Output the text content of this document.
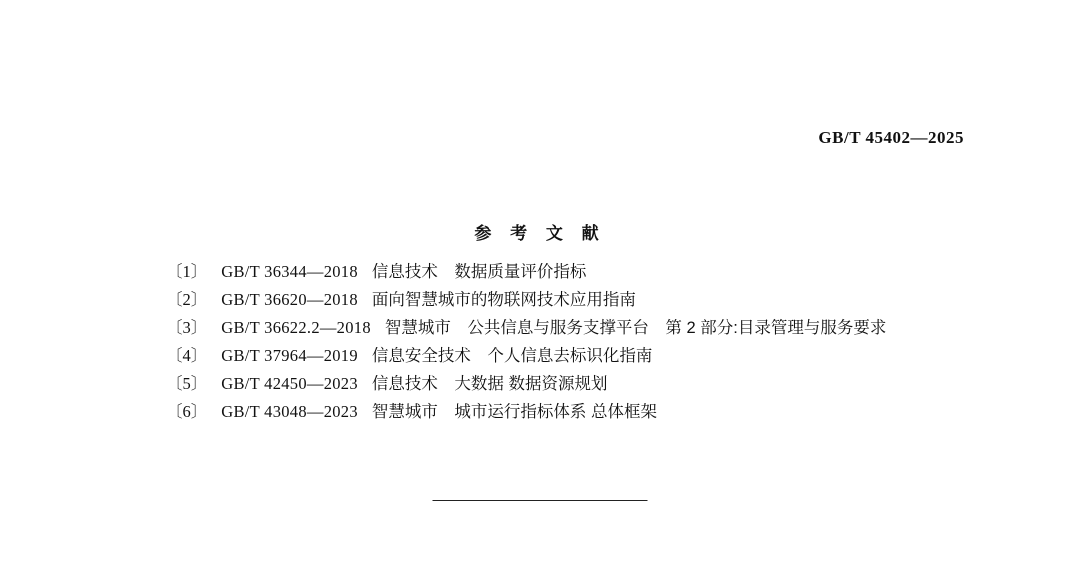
GB/T 45402—2025
参 考 文 献

〔1〕 GB/T 36344—2018 信息技术　数据质量评价指标

〔2〕 GB/T 36620—2018 面向智慧城市的物联网技术应用指南

〔3〕 GB/T 36622.2—2018 智慧城市　公共信息与服务支撑平台　第 2 部分:目录管理与服务要求

〔4〕 GB/T 37964—2019 信息安全技术　个人信息去标识化指南

〔5〕 GB/T 42450—2023 信息技术　大数据 数据资源规划

〔6〕 GB/T 43048—2023 智慧城市　城市运行指标体系 总体框架
